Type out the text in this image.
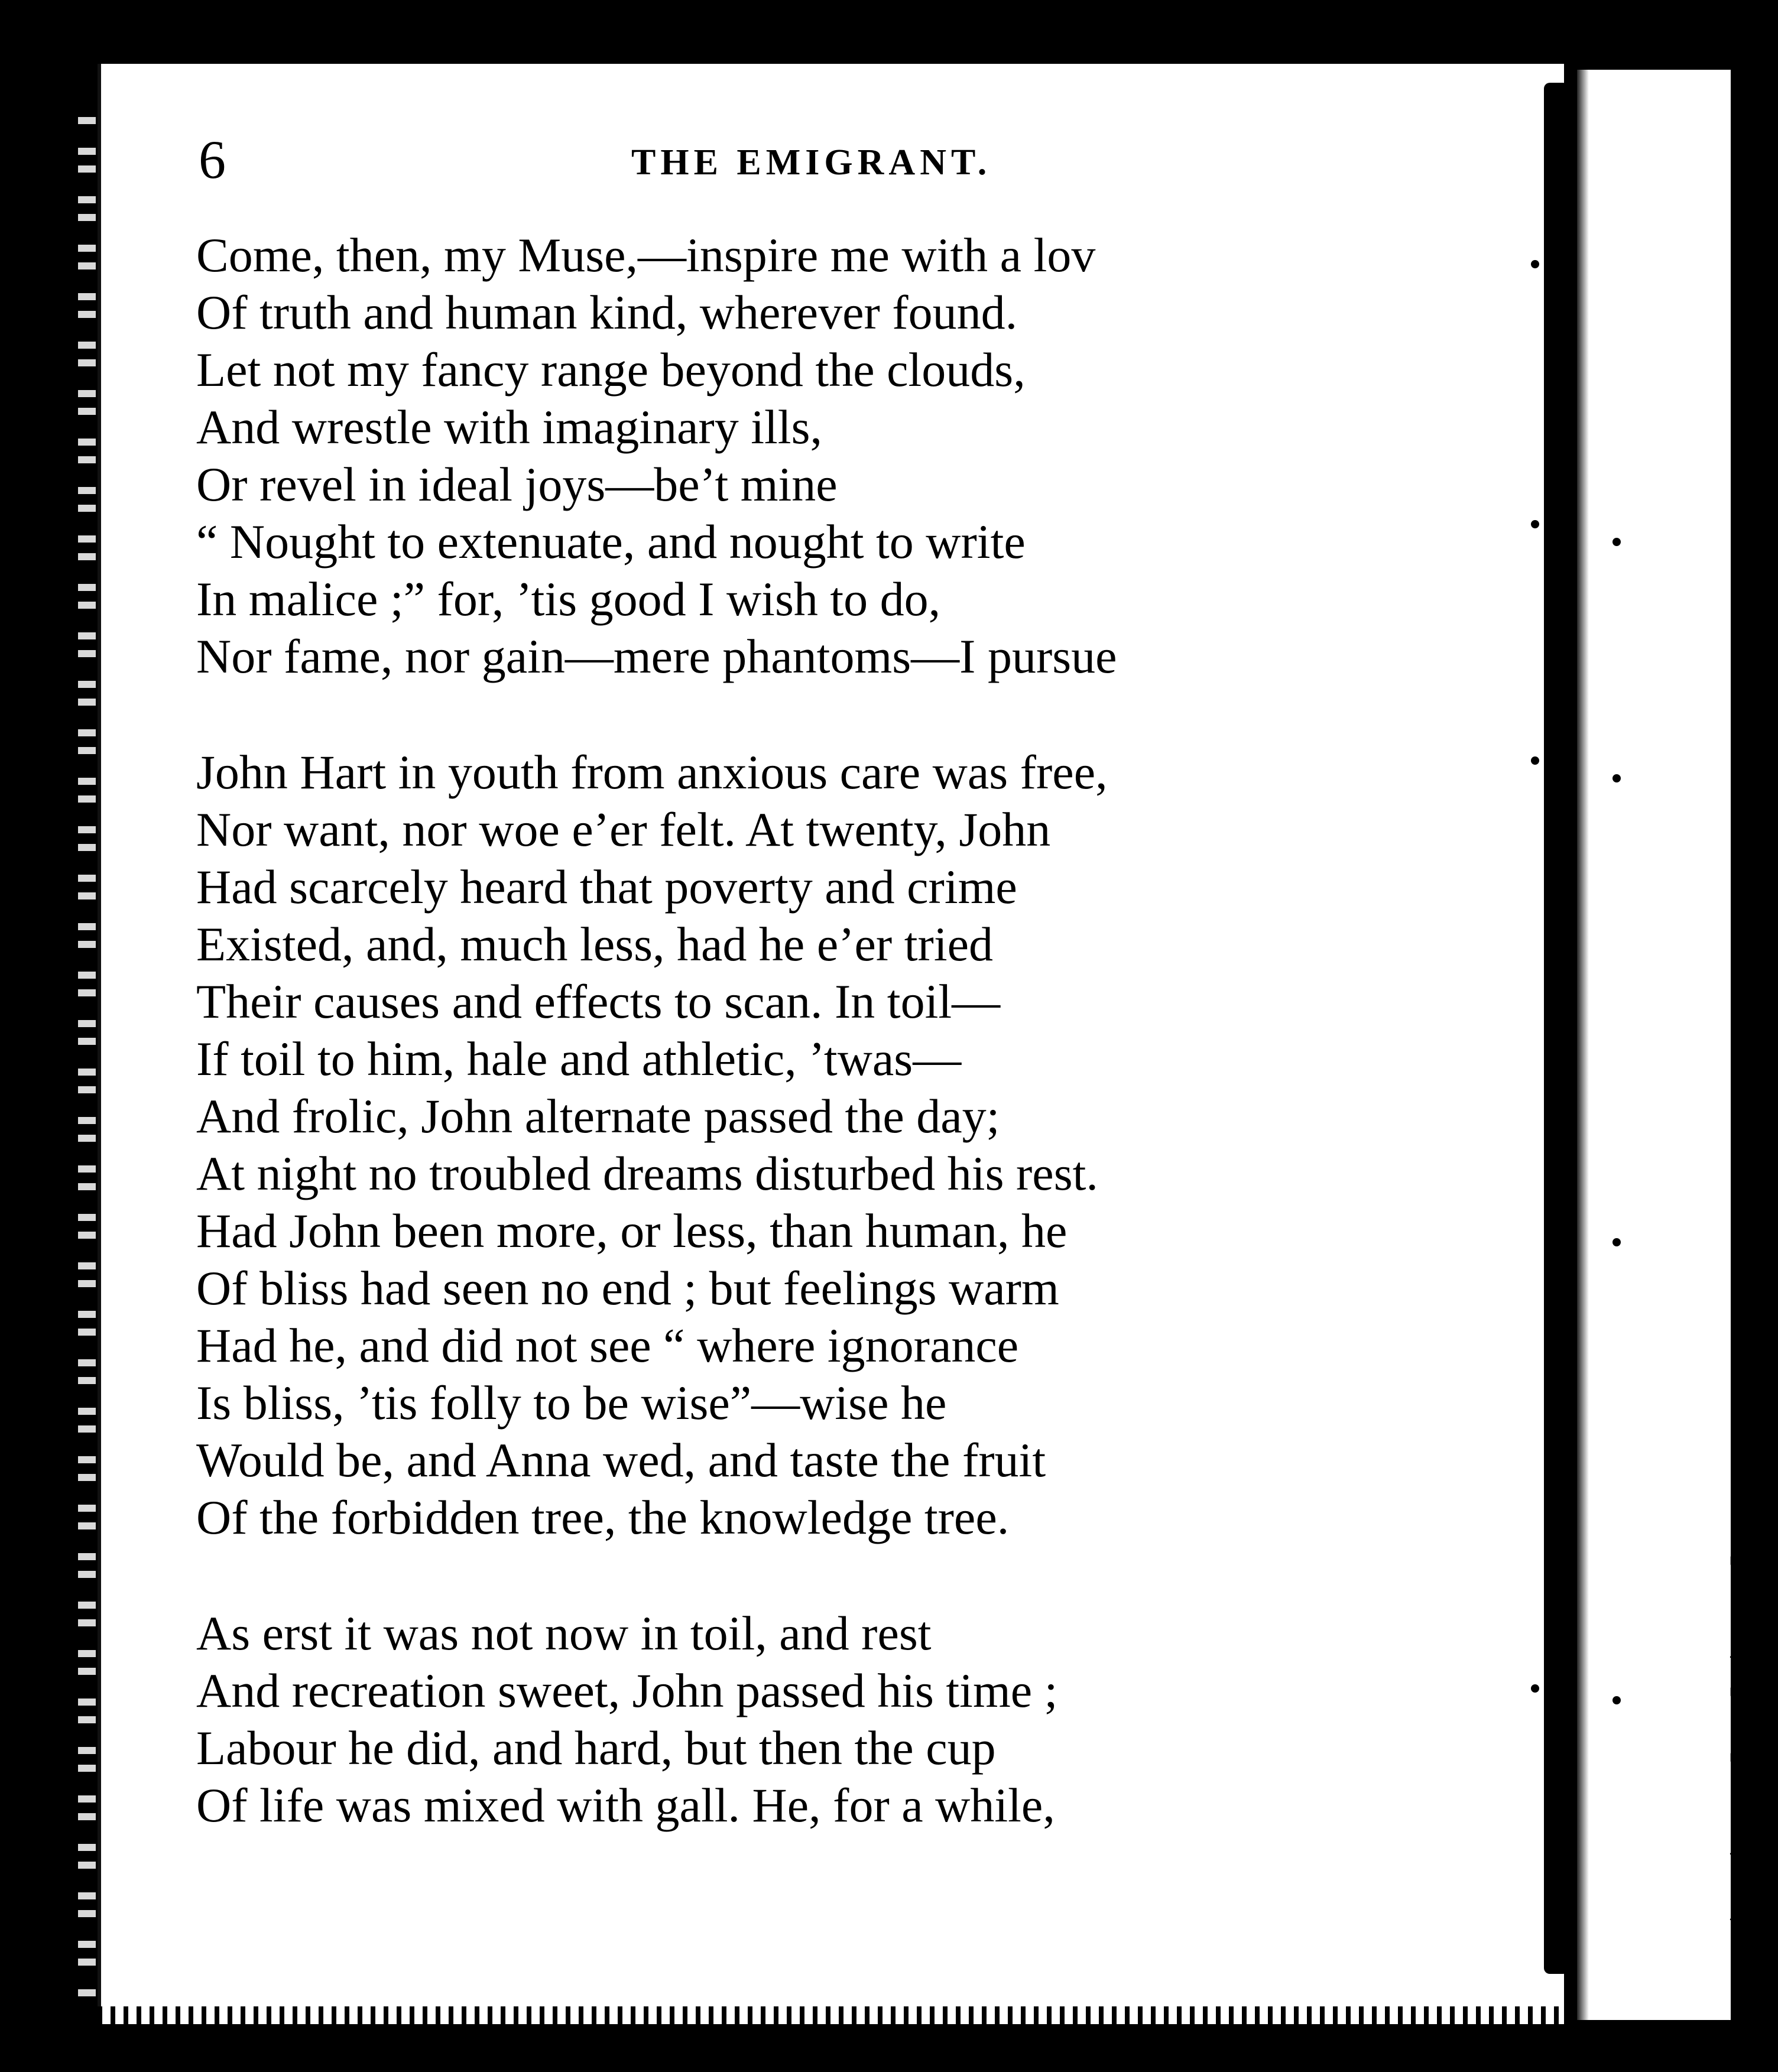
T
A
T
T
A
A
6	THE EMIGRANT.
Come, then, my Muse,—inspire me with a lov
Of truth and human kind, wherever found.
Let not my fancy range beyond the clouds,
And wrestle with imaginary ills,
Or revel in ideal joys—be’t mine
“ Nought to extenuate, and nought to write
In malice ;” for, ’tis good I wish to do,
Nor fame, nor gain—mere phantoms—I pursue
John Hart in youth from anxious care was free,
Nor want, nor woe e’er felt. At twenty, John
Had scarcely heard that poverty and crime
Existed, and, much less, had he e’er tried
Their causes and effects to scan. In toil—
If toil to him, hale and athletic, ’twas—
And frolic, John alternate passed the day;
At night no troubled dreams disturbed his rest.
Had John been more, or less, than human, he
Of bliss had seen no end ; but feelings warm
Had he, and did not see “ where ignorance
Is bliss, ’tis folly to be wise”—wise he
Would be, and Anna wed, and taste the fruit
Of the forbidden tree, the knowledge tree.
As erst it was not now in toil, and rest
And recreation sweet, John passed his time ;
Labour he did, and hard, but then the cup
Of life was mixed with gall. He, for a while,
